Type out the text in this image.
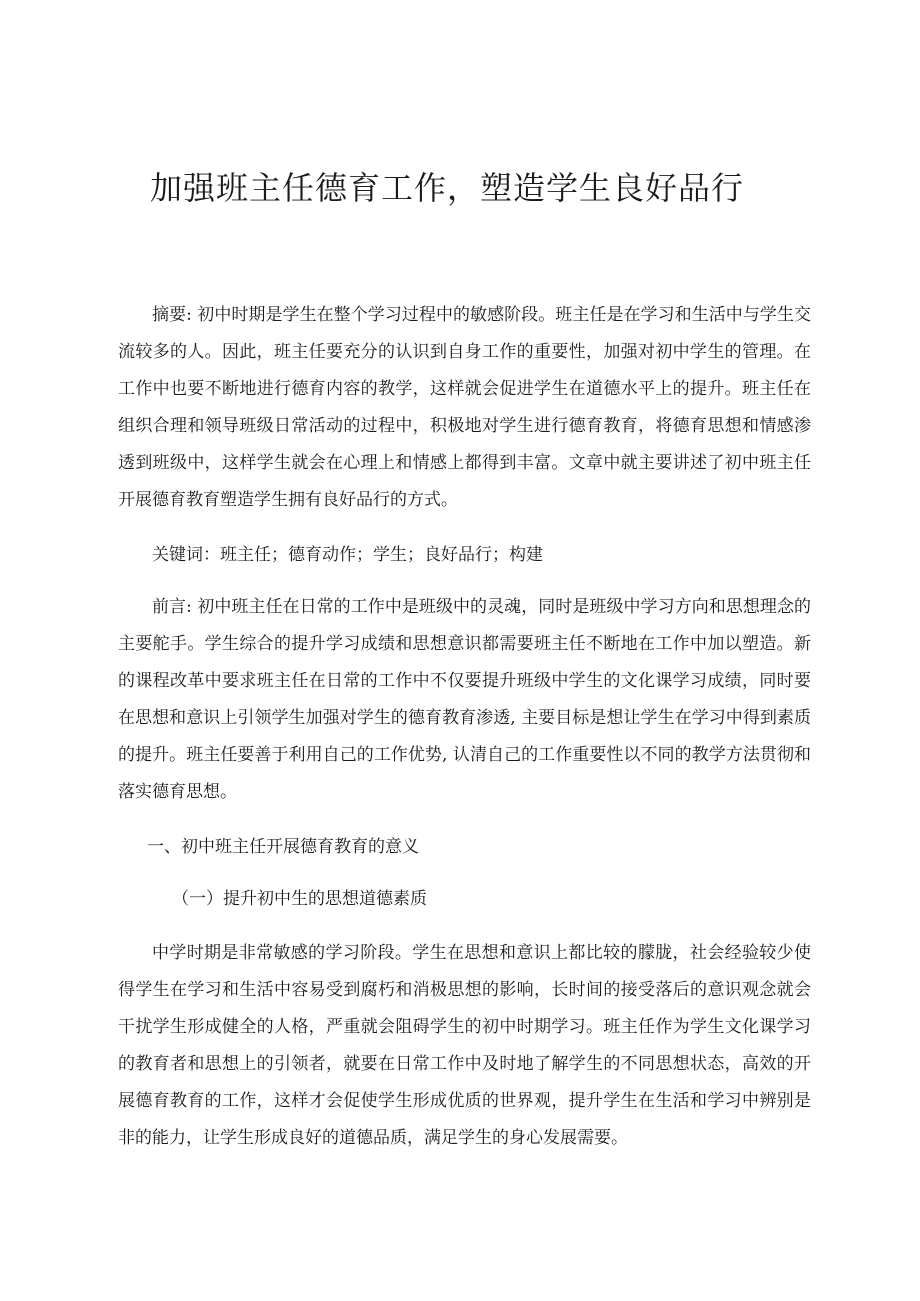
加强班主任德育工作，塑造学生良好品行

摘要: 初中时期是学生在整个学习过程中的敏感阶段。班主任是在学习和生活中与学生交流较多的人。因此，班主任要充分的认识到自身工作的重要性，加强对初中学生的管理。在工作中也要不断地进行德育内容的教学，这样就会促进学生在道德水平上的提升。班主任在组织合理和领导班级日常活动的过程中，积极地对学生进行德育教育，将德育思想和情感渗透到班级中，这样学生就会在心理上和情感上都得到丰富。文章中就主要讲述了初中班主任开展德育教育塑造学生拥有良好品行的方式。

关键词：班主任；德育动作；学生；良好品行；构建

前言: 初中班主任在日常的工作中是班级中的灵魂，同时是班级中学习方向和思想理念的主要舵手。学生综合的提升学习成绩和思想意识都需要班主任不断地在工作中加以塑造。新的课程改革中要求班主任在日常的工作中不仅要提升班级中学生的文化课学习成绩，同时要在思想和意识上引领学生加强对学生的德育教育渗透, 主要目标是想让学生在学习中得到素质的提升。班主任要善于利用自己的工作优势, 认清自己的工作重要性以不同的教学方法贯彻和落实德育思想。

一、初中班主任开展德育教育的意义

（一）提升初中生的思想道德素质

中学时期是非常敏感的学习阶段。学生在思想和意识上都比较的朦胧，社会经验较少使得学生在学习和生活中容易受到腐朽和消极思想的影响，长时间的接受落后的意识观念就会干扰学生形成健全的人格，严重就会阻碍学生的初中时期学习。班主任作为学生文化课学习的教育者和思想上的引领者，就要在日常工作中及时地了解学生的不同思想状态，高效的开展德育教育的工作，这样才会促使学生形成优质的世界观，提升学生在生活和学习中辨别是非的能力，让学生形成良好的道德品质，满足学生的身心发展需要。
